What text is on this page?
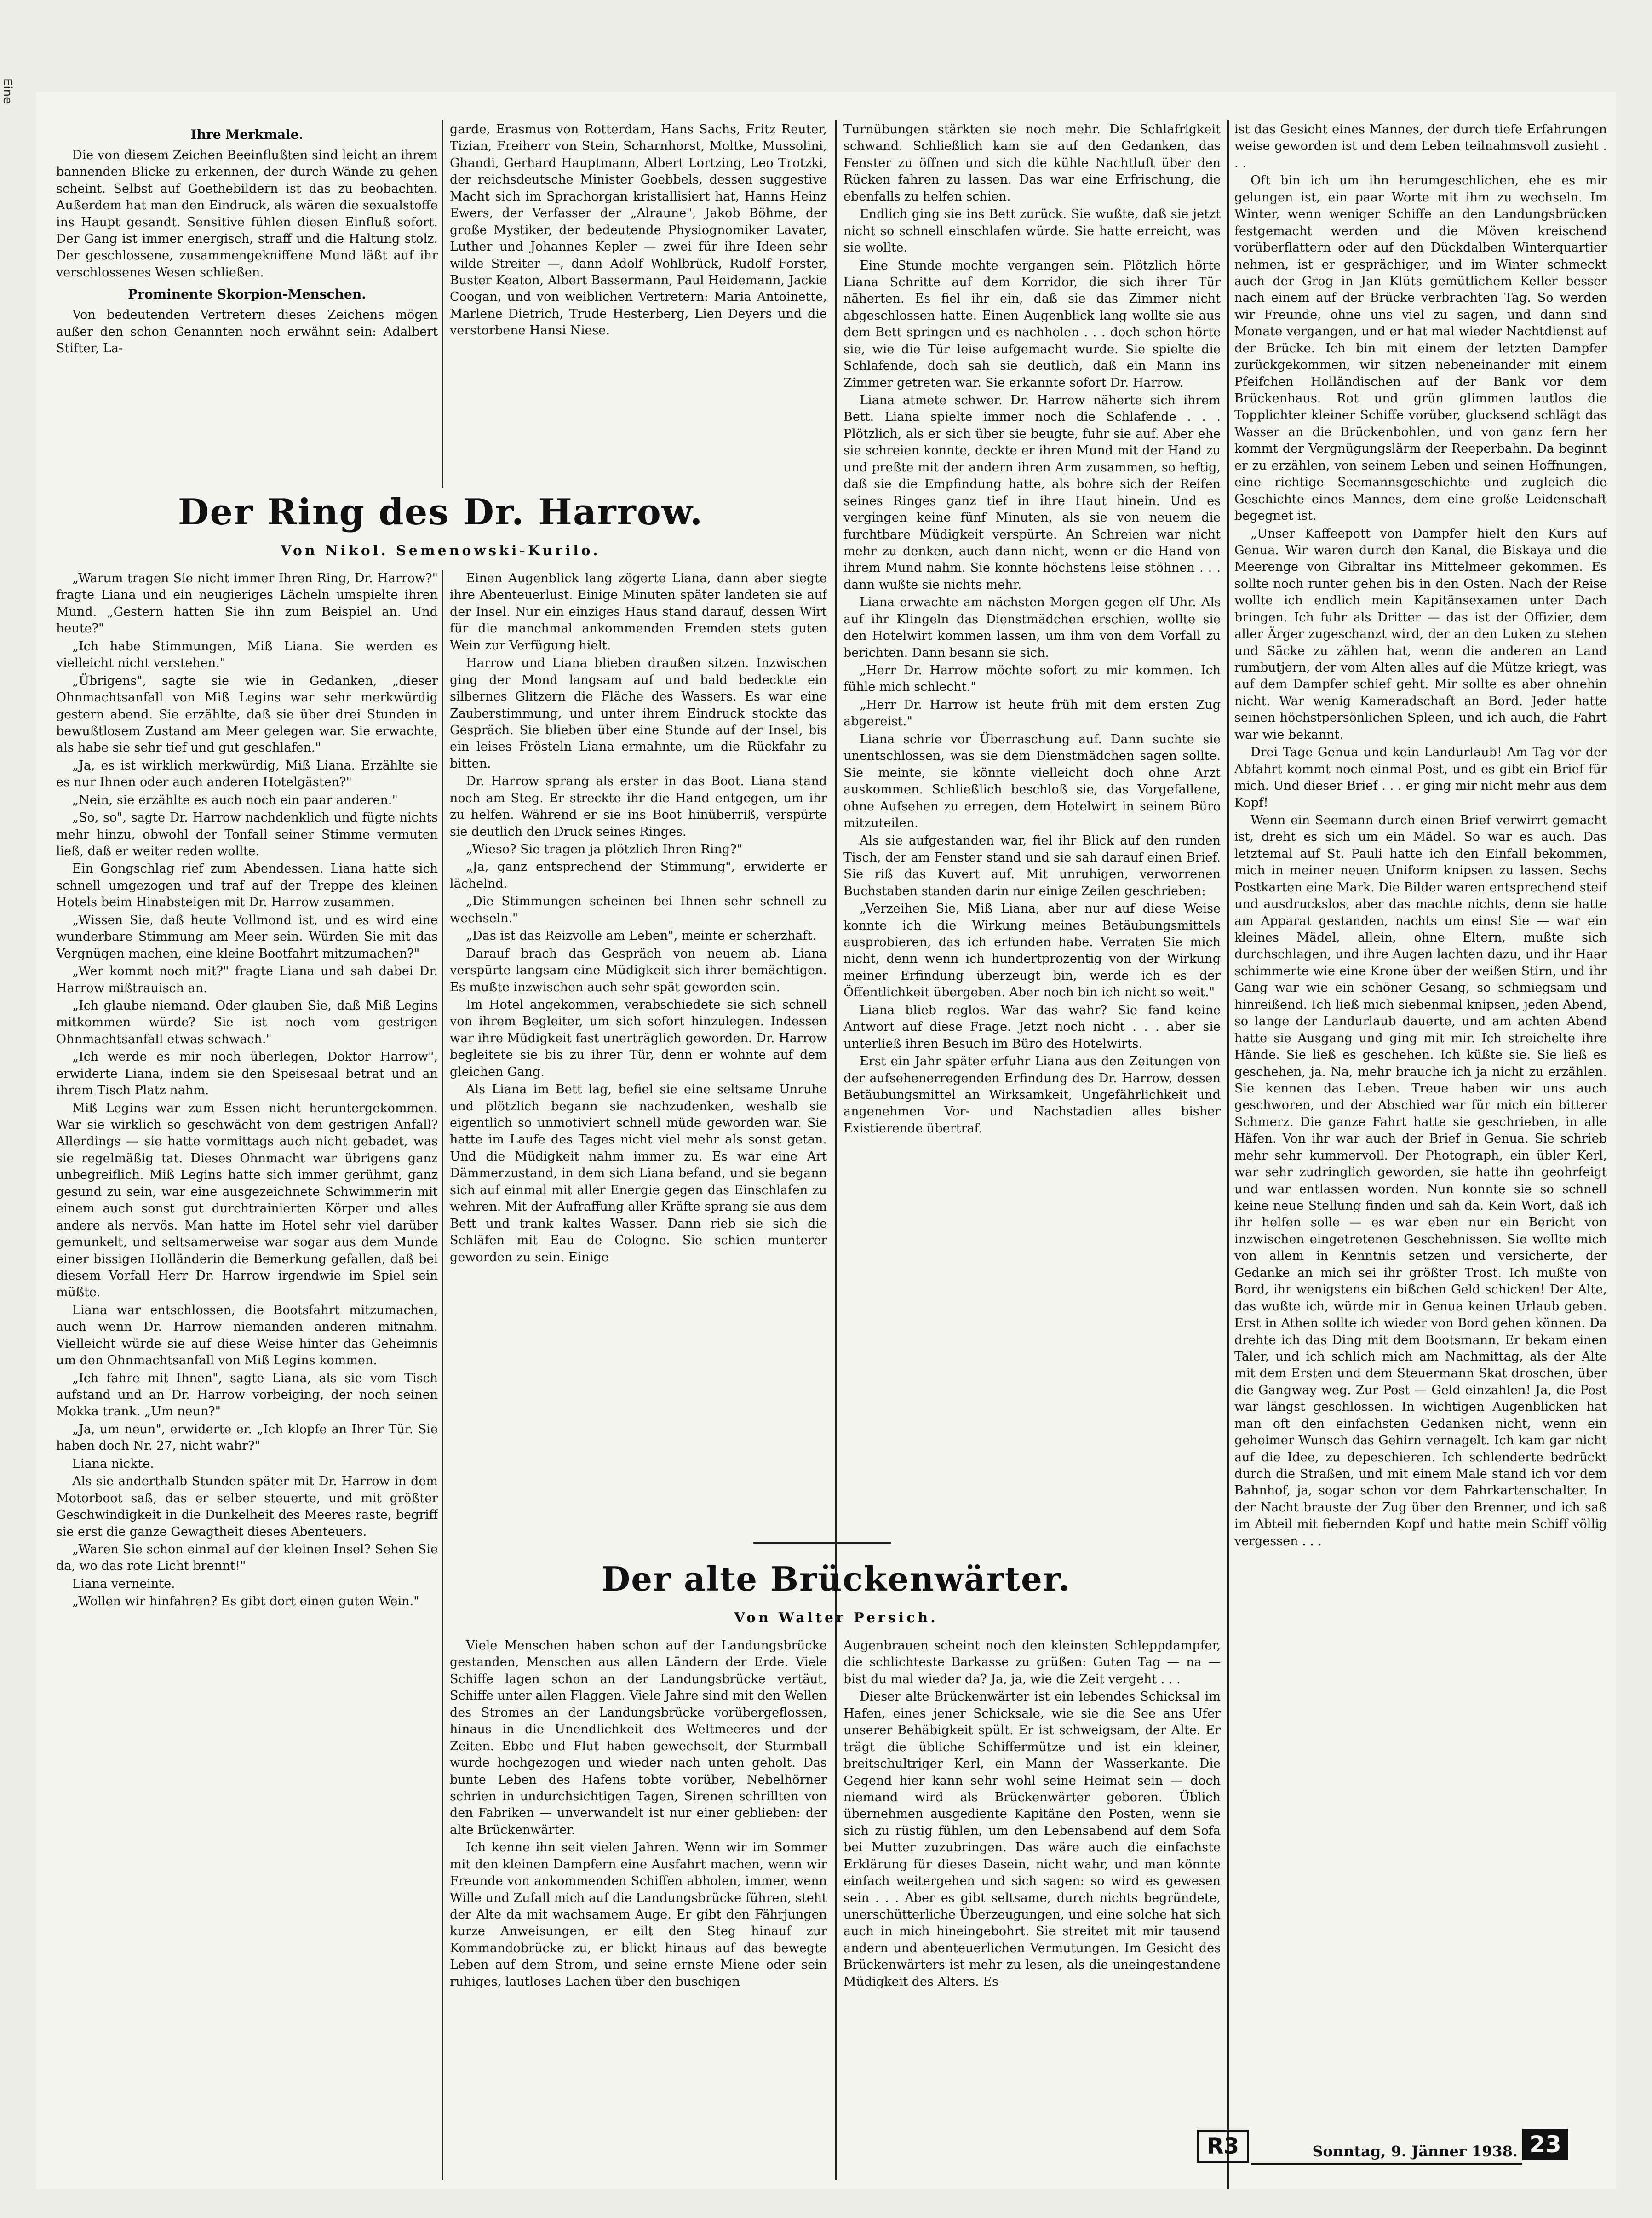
Eine
Ihre Merkmale.

Die von diesem Zeichen Beeinflußten sind leicht an ihrem bannenden Blicke zu erkennen, der durch Wände zu gehen scheint. Selbst auf Goethebildern ist das zu beobachten. Außerdem hat man den Eindruck, als wären die sexualstoffe ins Haupt gesandt. Sensitive fühlen diesen Einfluß sofort. Der Gang ist immer energisch, straff und die Haltung stolz. Der geschlossene, zusammengekniffene Mund läßt auf ihr verschlossenes Wesen schließen.

Prominente Skorpion-Menschen.

Von bedeutenden Vertretern dieses Zeichens mögen außer den schon Genannten noch erwähnt sein: Adalbert Stifter, La-

garde, Erasmus von Rotterdam, Hans Sachs, Fritz Reuter, Tizian, Freiherr von Stein, Scharnhorst, Moltke, Mussolini, Ghandi, Gerhard Hauptmann, Albert Lortzing, Leo Trotzki, der reichsdeutsche Minister Goebbels, dessen suggestive Macht sich im Sprachorgan kristallisiert hat, Hanns Heinz Ewers, der Verfasser der „Alraune", Jakob Böhme, der große Mystiker, der bedeutende Physiognomiker Lavater, Luther und Johannes Kepler — zwei für ihre Ideen sehr wilde Streiter —, dann Adolf Wohlbrück, Rudolf Forster, Buster Keaton, Albert Bassermann, Paul Heidemann, Jackie Coogan, und von weiblichen Vertretern: Maria Antoinette, Marlene Dietrich, Trude Hesterberg, Lien Deyers und die verstorbene Hansi Niese.

Der Ring des Dr. Harrow.
Von Nikol. Semenowski-Kurilo.

„Warum tragen Sie nicht immer Ihren Ring, Dr. Harrow?" fragte Liana und ein neugieriges Lächeln umspielte ihren Mund. „Gestern hatten Sie ihn zum Beispiel an. Und heute?"

„Ich habe Stimmungen, Miß Liana. Sie werden es vielleicht nicht verstehen."

„Übrigens", sagte sie wie in Gedanken, „dieser Ohnmachtsanfall von Miß Legins war sehr merkwürdig gestern abend. Sie erzählte, daß sie über drei Stunden in bewußtlosem Zustand am Meer gelegen war. Sie erwachte, als habe sie sehr tief und gut geschlafen."

„Ja, es ist wirklich merkwürdig, Miß Liana. Erzählte sie es nur Ihnen oder auch anderen Hotelgästen?"

„Nein, sie erzählte es auch noch ein paar anderen."

„So, so", sagte Dr. Harrow nachdenklich und fügte nichts mehr hinzu, obwohl der Tonfall seiner Stimme vermuten ließ, daß er weiter reden wollte.

Ein Gongschlag rief zum Abendessen. Liana hatte sich schnell umgezogen und traf auf der Treppe des kleinen Hotels beim Hinabsteigen mit Dr. Harrow zusammen.

„Wissen Sie, daß heute Vollmond ist, und es wird eine wunderbare Stimmung am Meer sein. Würden Sie mit das Vergnügen machen, eine kleine Bootfahrt mitzumachen?"

„Wer kommt noch mit?" fragte Liana und sah dabei Dr. Harrow mißtrauisch an.

„Ich glaube niemand. Oder glauben Sie, daß Miß Legins mitkommen würde? Sie ist noch vom gestrigen Ohnmachtsanfall etwas schwach."

„Ich werde es mir noch überlegen, Doktor Harrow", erwiderte Liana, indem sie den Speisesaal betrat und an ihrem Tisch Platz nahm.

Miß Legins war zum Essen nicht heruntergekommen. War sie wirklich so geschwächt von dem gestrigen Anfall? Allerdings — sie hatte vormittags auch nicht gebadet, was sie regelmäßig tat. Dieses Ohnmacht war übrigens ganz unbegreiflich. Miß Legins hatte sich immer gerühmt, ganz gesund zu sein, war eine ausgezeichnete Schwimmerin mit einem auch sonst gut durchtrainierten Körper und alles andere als nervös. Man hatte im Hotel sehr viel darüber gemunkelt, und seltsamerweise war sogar aus dem Munde einer bissigen Holländerin die Bemerkung gefallen, daß bei diesem Vorfall Herr Dr. Harrow irgendwie im Spiel sein müßte.

Liana war entschlossen, die Bootsfahrt mitzumachen, auch wenn Dr. Harrow niemanden anderen mitnahm. Vielleicht würde sie auf diese Weise hinter das Geheimnis um den Ohnmachtsanfall von Miß Legins kommen.

„Ich fahre mit Ihnen", sagte Liana, als sie vom Tisch aufstand und an Dr. Harrow vorbeiging, der noch seinen Mokka trank. „Um neun?"

„Ja, um neun", erwiderte er. „Ich klopfe an Ihrer Tür. Sie haben doch Nr. 27, nicht wahr?"

Liana nickte.

Als sie anderthalb Stunden später mit Dr. Harrow in dem Motorboot saß, das er selber steuerte, und mit größter Geschwindigkeit in die Dunkelheit des Meeres raste, begriff sie erst die ganze Gewagtheit dieses Abenteuers.

„Waren Sie schon einmal auf der kleinen Insel? Sehen Sie da, wo das rote Licht brennt!"

Liana verneinte.

„Wollen wir hinfahren? Es gibt dort einen guten Wein."

Einen Augenblick lang zögerte Liana, dann aber siegte ihre Abenteuerlust. Einige Minuten später landeten sie auf der Insel. Nur ein einziges Haus stand darauf, dessen Wirt für die manchmal ankommenden Fremden stets guten Wein zur Verfügung hielt.

Harrow und Liana blieben draußen sitzen. Inzwischen ging der Mond langsam auf und bald bedeckte ein silbernes Glitzern die Fläche des Wassers. Es war eine Zauberstimmung, und unter ihrem Eindruck stockte das Gespräch. Sie blieben über eine Stunde auf der Insel, bis ein leises Frösteln Liana ermahnte, um die Rückfahr zu bitten.

Dr. Harrow sprang als erster in das Boot. Liana stand noch am Steg. Er streckte ihr die Hand entgegen, um ihr zu helfen. Während er sie ins Boot hinüberriß, verspürte sie deutlich den Druck seines Ringes.

„Wieso? Sie tragen ja plötzlich Ihren Ring?"

„Ja, ganz entsprechend der Stimmung", erwiderte er lächelnd.

„Die Stimmungen scheinen bei Ihnen sehr schnell zu wechseln."

„Das ist das Reizvolle am Leben", meinte er scherzhaft.

Darauf brach das Gespräch von neuem ab. Liana verspürte langsam eine Müdigkeit sich ihrer bemächtigen. Es mußte inzwischen auch sehr spät geworden sein.

Im Hotel angekommen, verabschiedete sie sich schnell von ihrem Begleiter, um sich sofort hinzulegen. Indessen war ihre Müdigkeit fast unerträglich geworden. Dr. Harrow begleitete sie bis zu ihrer Tür, denn er wohnte auf dem gleichen Gang.

Als Liana im Bett lag, befiel sie eine seltsame Unruhe und plötzlich begann sie nachzudenken, weshalb sie eigentlich so unmotiviert schnell müde geworden war. Sie hatte im Laufe des Tages nicht viel mehr als sonst getan. Und die Müdigkeit nahm immer zu. Es war eine Art Dämmerzustand, in dem sich Liana befand, und sie begann sich auf einmal mit aller Energie gegen das Einschlafen zu wehren. Mit der Aufraffung aller Kräfte sprang sie aus dem Bett und trank kaltes Wasser. Dann rieb sie sich die Schläfen mit Eau de Cologne. Sie schien munterer geworden zu sein. Einige

Turnübungen stärkten sie noch mehr. Die Schlafrigkeit schwand. Schließlich kam sie auf den Gedanken, das Fenster zu öffnen und sich die kühle Nachtluft über den Rücken fahren zu lassen. Das war eine Erfrischung, die ebenfalls zu helfen schien.

Endlich ging sie ins Bett zurück. Sie wußte, daß sie jetzt nicht so schnell einschlafen würde. Sie hatte erreicht, was sie wollte.

Eine Stunde mochte vergangen sein. Plötzlich hörte Liana Schritte auf dem Korridor, die sich ihrer Tür näherten. Es fiel ihr ein, daß sie das Zimmer nicht abgeschlossen hatte. Einen Augenblick lang wollte sie aus dem Bett springen und es nachholen . . . doch schon hörte sie, wie die Tür leise aufgemacht wurde. Sie spielte die Schlafende, doch sah sie deutlich, daß ein Mann ins Zimmer getreten war. Sie erkannte sofort Dr. Harrow.

Liana atmete schwer. Dr. Harrow näherte sich ihrem Bett. Liana spielte immer noch die Schlafende . . . Plötzlich, als er sich über sie beugte, fuhr sie auf. Aber ehe sie schreien konnte, deckte er ihren Mund mit der Hand zu und preßte mit der andern ihren Arm zusammen, so heftig, daß sie die Empfindung hatte, als bohre sich der Reifen seines Ringes ganz tief in ihre Haut hinein. Und es vergingen keine fünf Minuten, als sie von neuem die furchtbare Müdigkeit verspürte. An Schreien war nicht mehr zu denken, auch dann nicht, wenn er die Hand von ihrem Mund nahm. Sie konnte höchstens leise stöhnen . . . dann wußte sie nichts mehr.

Liana erwachte am nächsten Morgen gegen elf Uhr. Als auf ihr Klingeln das Dienstmädchen erschien, wollte sie den Hotelwirt kommen lassen, um ihm von dem Vorfall zu berichten. Dann besann sie sich.

„Herr Dr. Harrow möchte sofort zu mir kommen. Ich fühle mich schlecht."

„Herr Dr. Harrow ist heute früh mit dem ersten Zug abgereist."

Liana schrie vor Überraschung auf. Dann suchte sie unentschlossen, was sie dem Dienstmädchen sagen sollte. Sie meinte, sie könnte vielleicht doch ohne Arzt auskommen. Schließlich beschloß sie, das Vorgefallene, ohne Aufsehen zu erregen, dem Hotelwirt in seinem Büro mitzuteilen.

Als sie aufgestanden war, fiel ihr Blick auf den runden Tisch, der am Fenster stand und sie sah darauf einen Brief. Sie riß das Kuvert auf. Mit unruhigen, verworrenen Buchstaben standen darin nur einige Zeilen geschrieben:

„Verzeihen Sie, Miß Liana, aber nur auf diese Weise konnte ich die Wirkung meines Betäubungsmittels ausprobieren, das ich erfunden habe. Verraten Sie mich nicht, denn wenn ich hundertprozentig von der Wirkung meiner Erfindung überzeugt bin, werde ich es der Öffentlichkeit übergeben. Aber noch bin ich nicht so weit."

Liana blieb reglos. War das wahr? Sie fand keine Antwort auf diese Frage. Jetzt noch nicht . . . aber sie unterließ ihren Besuch im Büro des Hotelwirts.

Erst ein Jahr später erfuhr Liana aus den Zeitungen von der aufsehenerregenden Erfindung des Dr. Harrow, dessen Betäubungsmittel an Wirksamkeit, Ungefährlichkeit und angenehmen Vor- und Nachstadien alles bisher Existierende übertraf.

Der alte Brückenwärter.
Von Walter Persich.

Viele Menschen haben schon auf der Landungsbrücke gestanden, Menschen aus allen Ländern der Erde. Viele Schiffe lagen schon an der Landungsbrücke vertäut, Schiffe unter allen Flaggen. Viele Jahre sind mit den Wellen des Stromes an der Landungsbrücke vorübergeflossen, hinaus in die Unendlichkeit des Weltmeeres und der Zeiten. Ebbe und Flut haben gewechselt, der Sturmball wurde hochgezogen und wieder nach unten geholt. Das bunte Leben des Hafens tobte vorüber, Nebelhörner schrien in undurchsichtigen Tagen, Sirenen schrillten von den Fabriken — unverwandelt ist nur einer geblieben: der alte Brückenwärter.

Ich kenne ihn seit vielen Jahren. Wenn wir im Sommer mit den kleinen Dampfern eine Ausfahrt machen, wenn wir Freunde von ankommenden Schiffen abholen, immer, wenn Wille und Zufall mich auf die Landungsbrücke führen, steht der Alte da mit wachsamem Auge. Er gibt den Fährjungen kurze Anweisungen, er eilt den Steg hinauf zur Kommandobrücke zu, er blickt hinaus auf das bewegte Leben auf dem Strom, und seine ernste Miene oder sein ruhiges, lautloses Lachen über den buschigen

Augenbrauen scheint noch den kleinsten Schleppdampfer, die schlichteste Barkasse zu grüßen: Guten Tag — na — bist du mal wieder da? Ja, ja, wie die Zeit vergeht . . .

Dieser alte Brückenwärter ist ein lebendes Schicksal im Hafen, eines jener Schicksale, wie sie die See ans Ufer unserer Behäbigkeit spült. Er ist schweigsam, der Alte. Er trägt die übliche Schiffermütze und ist ein kleiner, breitschultriger Kerl, ein Mann der Wasserkante. Die Gegend hier kann sehr wohl seine Heimat sein — doch niemand wird als Brückenwärter geboren. Üblich übernehmen ausgediente Kapitäne den Posten, wenn sie sich zu rüstig fühlen, um den Lebensabend auf dem Sofa bei Mutter zuzubringen. Das wäre auch die einfachste Erklärung für dieses Dasein, nicht wahr, und man könnte einfach weitergehen und sich sagen: so wird es gewesen sein . . . Aber es gibt seltsame, durch nichts begründete, unerschütterliche Überzeugungen, und eine solche hat sich auch in mich hineingebohrt. Sie streitet mit mir tausend andern und abenteuerlichen Vermutungen. Im Gesicht des Brückenwärters ist mehr zu lesen, als die uneingestandene Müdigkeit des Alters. Es

ist das Gesicht eines Mannes, der durch tiefe Erfahrungen weise geworden ist und dem Leben teilnahmsvoll zusieht . . .

Oft bin ich um ihn herumgeschlichen, ehe es mir gelungen ist, ein paar Worte mit ihm zu wechseln. Im Winter, wenn weniger Schiffe an den Landungsbrücken festgemacht werden und die Möven kreischend vorüberflattern oder auf den Dückdalben Winterquartier nehmen, ist er gesprächiger, und im Winter schmeckt auch der Grog in Jan Klüts gemütlichem Keller besser nach einem auf der Brücke verbrachten Tag. So werden wir Freunde, ohne uns viel zu sagen, und dann sind Monate vergangen, und er hat mal wieder Nachtdienst auf der Brücke. Ich bin mit einem der letzten Dampfer zurückgekommen, wir sitzen nebeneinander mit einem Pfeifchen Holländischen auf der Bank vor dem Brückenhaus. Rot und grün glimmen lautlos die Topplichter kleiner Schiffe vorüber, glucksend schlägt das Wasser an die Brückenbohlen, und von ganz fern her kommt der Vergnügungslärm der Reeperbahn. Da beginnt er zu erzählen, von seinem Leben und seinen Hoffnungen, eine richtige Seemannsgeschichte und zugleich die Geschichte eines Mannes, dem eine große Leidenschaft begegnet ist.

„Unser Kaffeepott von Dampfer hielt den Kurs auf Genua. Wir waren durch den Kanal, die Biskaya und die Meerenge von Gibraltar ins Mittelmeer gekommen. Es sollte noch runter gehen bis in den Osten. Nach der Reise wollte ich endlich mein Kapitänsexamen unter Dach bringen. Ich fuhr als Dritter — das ist der Offizier, dem aller Ärger zugeschanzt wird, der an den Luken zu stehen und Säcke zu zählen hat, wenn die anderen an Land rumbutjern, der vom Alten alles auf die Mütze kriegt, was auf dem Dampfer schief geht. Mir sollte es aber ohnehin nicht. War wenig Kameradschaft an Bord. Jeder hatte seinen höchstpersönlichen Spleen, und ich auch, die Fahrt war wie bekannt.

Drei Tage Genua und kein Landurlaub! Am Tag vor der Abfahrt kommt noch einmal Post, und es gibt ein Brief für mich. Und dieser Brief . . . er ging mir nicht mehr aus dem Kopf!

Wenn ein Seemann durch einen Brief verwirrt gemacht ist, dreht es sich um ein Mädel. So war es auch. Das letztemal auf St. Pauli hatte ich den Einfall bekommen, mich in meiner neuen Uniform knipsen zu lassen. Sechs Postkarten eine Mark. Die Bilder waren entsprechend steif und ausdruckslos, aber das machte nichts, denn sie hatte am Apparat gestanden, nachts um eins! Sie — war ein kleines Mädel, allein, ohne Eltern, mußte sich durchschlagen, und ihre Augen lachten dazu, und ihr Haar schimmerte wie eine Krone über der weißen Stirn, und ihr Gang war wie ein schöner Gesang, so schmiegsam und hinreißend. Ich ließ mich siebenmal knipsen, jeden Abend, so lange der Landurlaub dauerte, und am achten Abend hatte sie Ausgang und ging mit mir. Ich streichelte ihre Hände. Sie ließ es geschehen. Ich küßte sie. Sie ließ es geschehen, ja. Na, mehr brauche ich ja nicht zu erzählen. Sie kennen das Leben. Treue haben wir uns auch geschworen, und der Abschied war für mich ein bitterer Schmerz. Die ganze Fahrt hatte sie geschrieben, in alle Häfen. Von ihr war auch der Brief in Genua. Sie schrieb mehr sehr kummervoll. Der Photograph, ein übler Kerl, war sehr zudringlich geworden, sie hatte ihn geohrfeigt und war entlassen worden. Nun konnte sie so schnell keine neue Stellung finden und sah da. Kein Wort, daß ich ihr helfen solle — es war eben nur ein Bericht von inzwischen eingetretenen Geschehnissen. Sie wollte mich von allem in Kenntnis setzen und versicherte, der Gedanke an mich sei ihr größter Trost. Ich mußte von Bord, ihr wenigstens ein bißchen Geld schicken! Der Alte, das wußte ich, würde mir in Genua keinen Urlaub geben. Erst in Athen sollte ich wieder von Bord gehen können. Da drehte ich das Ding mit dem Bootsmann. Er bekam einen Taler, und ich schlich mich am Nachmittag, als der Alte mit dem Ersten und dem Steuermann Skat droschen, über die Gangway weg. Zur Post — Geld einzahlen! Ja, die Post war längst geschlossen. In wichtigen Augenblicken hat man oft den einfachsten Gedanken nicht, wenn ein geheimer Wunsch das Gehirn vernagelt. Ich kam gar nicht auf die Idee, zu depeschieren. Ich schlenderte bedrückt durch die Straßen, und mit einem Male stand ich vor dem Bahnhof, ja, sogar schon vor dem Fahrkartenschalter. In der Nacht brauste der Zug über den Brenner, und ich saß im Abteil mit fiebernden Kopf und hatte mein Schiff völlig vergessen . . .

R3	Sonntag, 9. Jänner 1938. 23
